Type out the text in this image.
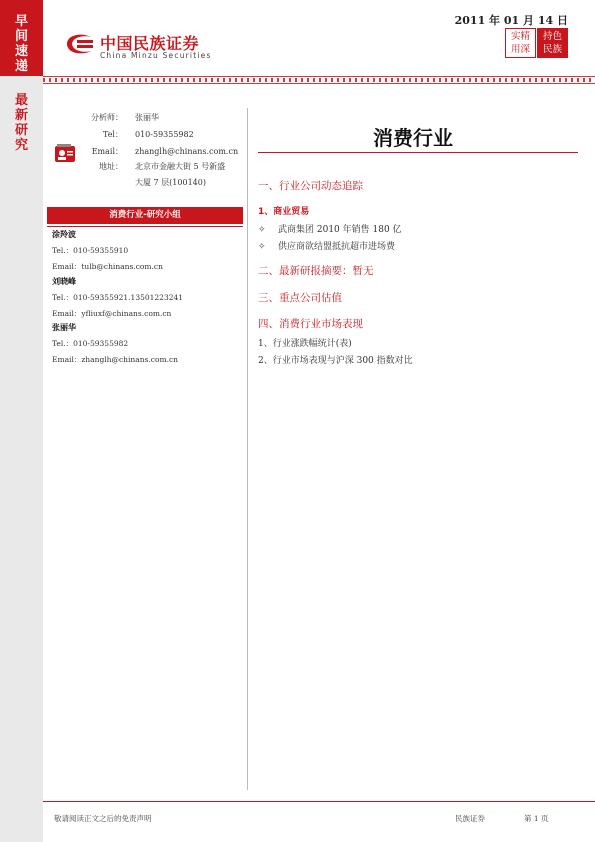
早
间
速
递
最
新
研
究
中国民族证券
China Minzu Securities
2011 年 01 月 14 日
实精
用深
持色
民族
分析师： 张丽华
Tel： 010-59355982
Email： zhanglh@chinans.com.cn
地址： 北京市金融大街 5 号新盛
大厦 7 层(100140)
消费行业-研究小组
涂羚波
Tel.：010-59355910
Email：tulb@chinans.com.cn
刘晓峰
Tel.：010-59355921.13501223241
Email：yfliuxf@chinans.com.cn
张丽华
Tel.：010-59355982
Email：zhanglh@chinans.com.cn
消费行业
一、行业公司动态追踪
1、商业贸易
✧ 武商集团 2010 年销售 180 亿
✧ 供应商欲结盟抵抗超市进场费
二、最新研报摘要：暂无
三、重点公司估值
四、消费行业市场表现
1、行业涨跌幅统计(表)
2、行业市场表现与沪深 300 指数对比
敬请阅读正文之后的免责声明	民族证券	第 1 页
